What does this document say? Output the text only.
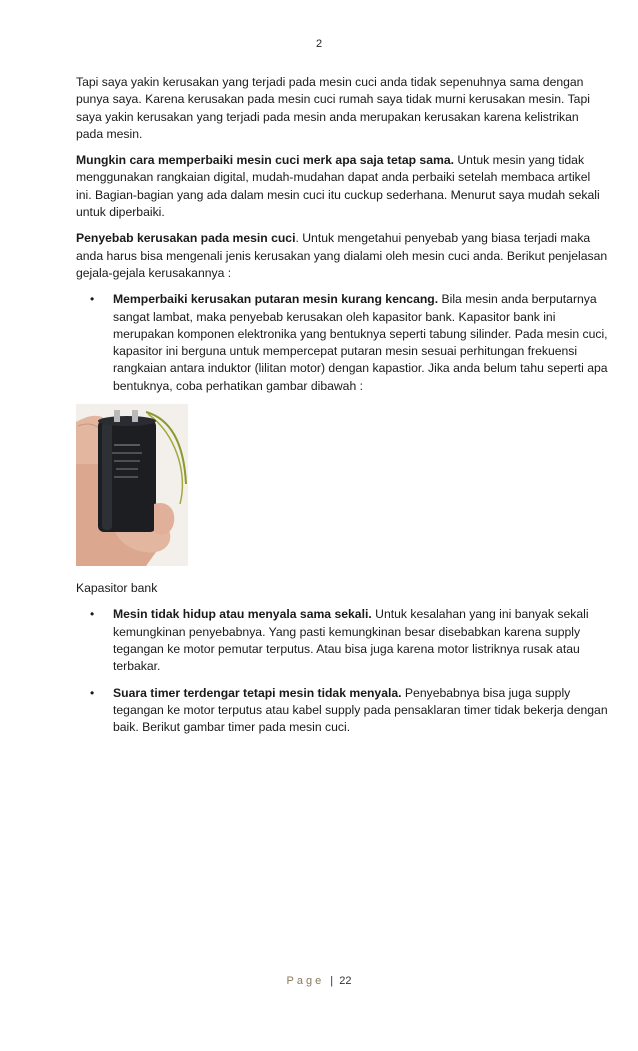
2

Tapi saya yakin kerusakan yang terjadi pada mesin cuci anda tidak sepenuhnya sama dengan punya saya. Karena kerusakan pada mesin cuci rumah saya tidak murni kerusakan mesin. Tapi saya yakin kerusakan yang terjadi pada mesin anda merupakan kerusakan karena kelistrikan pada mesin.

Mungkin cara memperbaiki mesin cuci merk apa saja tetap sama. Untuk mesin yang tidak menggunakan rangkaian digital, mudah-mudahan dapat anda perbaiki setelah membaca artikel ini. Bagian-bagian yang ada dalam mesin cuci itu cuckup sederhana. Menurut saya mudah sekali untuk diperbaiki.

Penyebab kerusakan pada mesin cuci. Untuk mengetahui penyebab yang biasa terjadi maka anda harus bisa mengenali jenis kerusakan yang dialami oleh mesin cuci anda. Berikut penjelasan gejala-gejala kerusakannya :

• Memperbaiki kerusakan putaran mesin kurang kencang. Bila mesin anda berputarnya sangat lambat, maka penyebab kerusakan oleh kapasitor bank. Kapasitor bank ini merupakan komponen elektronika yang bentuknya seperti tabung silinder. Pada mesin cuci, kapasitor ini berguna untuk mempercepat putaran mesin sesuai perhitungan frekuensi rangkaian antara induktor (lilitan motor) dengan kapastior. Jika anda belum tahu seperti apa bentuknya, coba perhatikan gambar dibawah :

Kapasitor bank

• Mesin tidak hidup atau menyala sama sekali. Untuk kesalahan yang ini banyak sekali kemungkinan penyebabnya. Yang pasti kemungkinan besar disebabkan karena supply tegangan ke motor pemutar terputus. Atau bisa juga karena motor listriknya rusak atau terbakar.
• Suara timer terdengar tetapi mesin tidak menyala. Penyebabnya bisa juga supply tegangan ke motor terputus atau kabel supply pada pensaklaran timer tidak bekerja dengan baik. Berikut gambar timer pada mesin cuci.
Page | 22
